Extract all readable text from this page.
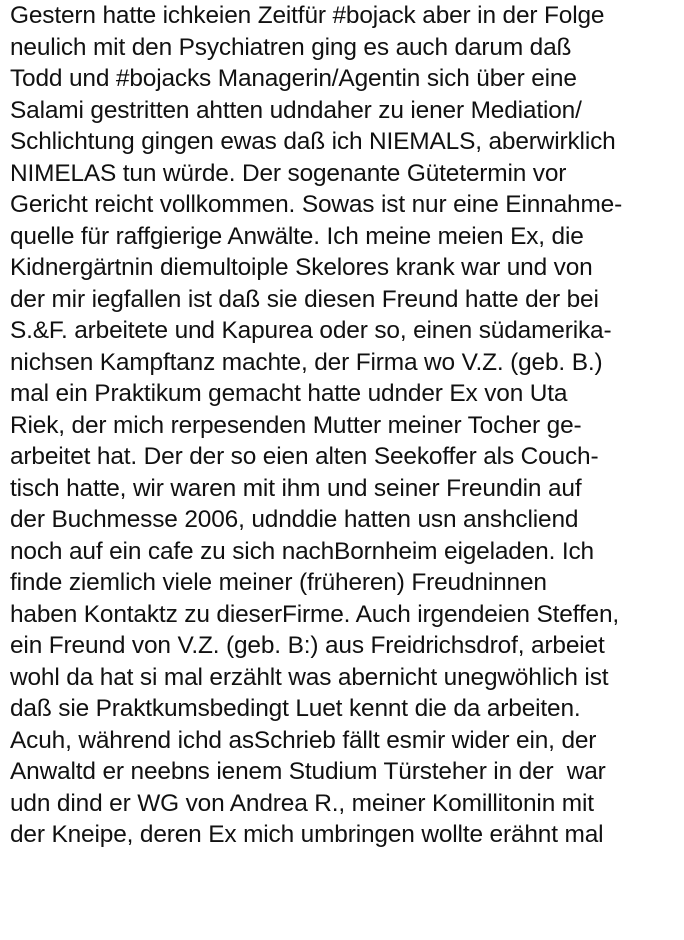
Gestern hatte ichkeien Zeitfür #bojack aber in der Folge
neulich mit den Psychiatren ging es auch darum daß
Todd und #bojacks Managerin/Agentin sich über eine
Salami gestritten ahtten udndaher zu iener Mediation/
Schlichtung gingen ewas daß ich NIEMALS, aberwirklich
NIMELAS tun würde. Der sogenante Gütetermin vor
Gericht reicht vollkommen. Sowas ist nur eine Einnahme-
quelle für raffgierige Anwälte. Ich meine meien Ex, die
Kidnergärtnin diemultoiple Skelores krank war und von
der mir iegfallen ist daß sie diesen Freund hatte der bei
S.&F. arbeitete und Kapurea oder so, einen südamerika-
nichsen Kampftanz machte, der Firma wo V.Z. (geb. B.)
mal ein Praktikum gemacht hatte udnder Ex von Uta
Riek, der mich rerpesenden Mutter meiner Tocher ge-
arbeitet hat. Der der so eien alten Seekoffer als Couch-
tisch hatte, wir waren mit ihm und seiner Freundin auf
der Buchmesse 2006, udnddie hatten usn anshcliend
noch auf ein cafe zu sich nachBornheim eigeladen. Ich
finde ziemlich viele meiner (früheren) Freudninnen
haben Kontaktz zu dieserFirme. Auch irgendeien Steffen,
ein Freund von V.Z. (geb. B:) aus Freidrichsdrof, arbeiet
wohl da hat si mal erzählt was abernicht unegwöhlich ist
daß sie Praktkumsbedingt Luet kennt die da arbeiten.
Acuh, während ichd asSchrieb fällt esmir wider ein, der
Anwaltd er neebns ienem Studium Türsteher in der  war
udn dind er WG von Andrea R., meiner Komillitonin mit
der Kneipe, deren Ex mich umbringen wollte erähnt mal
